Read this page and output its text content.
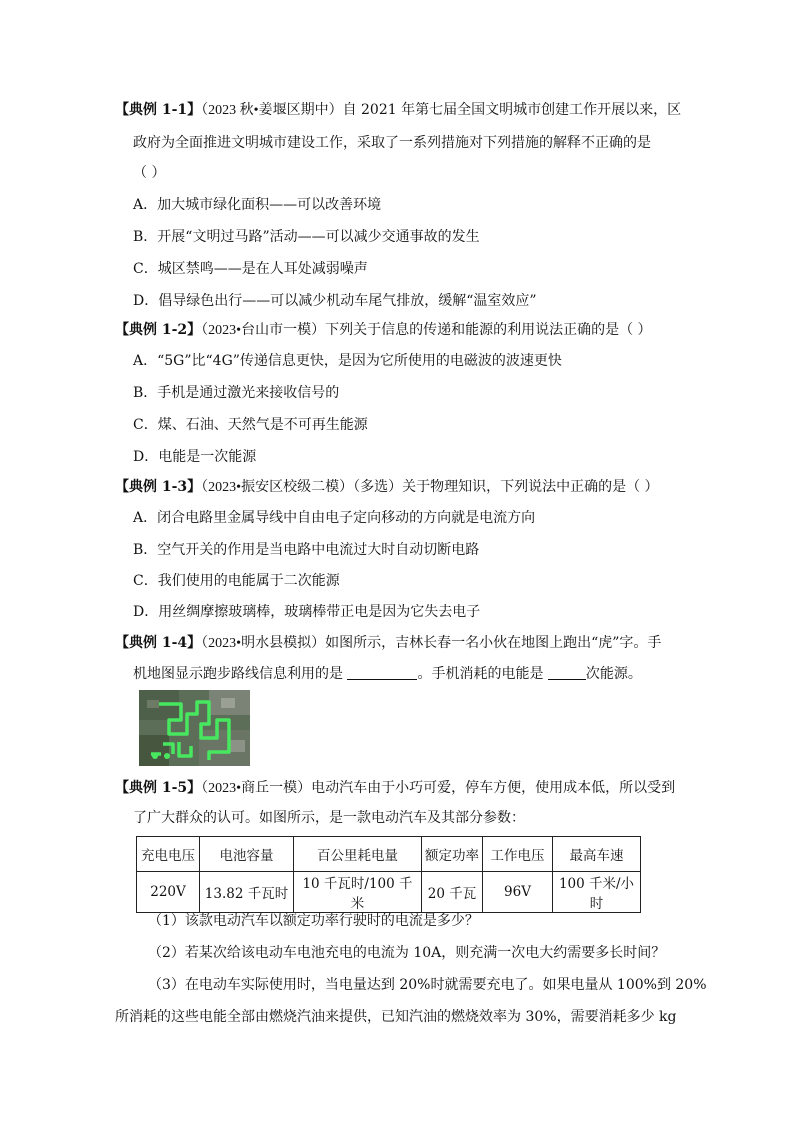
【典例 1-1】（2023 秋•姜堰区期中）自 2021 年第七届全国文明城市创建工作开展以来，区
政府为全面推进文明城市建设工作，采取了一系列措施对下列措施的解释不正确的是
（ ）
A．加大城市绿化面积——可以改善环境
B．开展“文明过马路”活动——可以减少交通事故的发生
C．城区禁鸣——是在人耳处减弱噪声
D．倡导绿色出行——可以减少机动车尾气排放，缓解“温室效应”
【典例 1-2】（2023•台山市一模）下列关于信息的传递和能源的利用说法正确的是（ ）
A．“5G”比“4G”传递信息更快，是因为它所使用的电磁波的波速更快
B．手机是通过激光来接收信号的
C．煤、石油、天然气是不可再生能源
D．电能是一次能源
【典例 1-3】（2023•振安区校级二模）（多选）关于物理知识，下列说法中正确的是（ ）
A．闭合电路里金属导线中自由电子定向移动的方向就是电流方向
B．空气开关的作用是当电路中电流过大时自动切断电路
C．我们使用的电能属于二次能源
D．用丝绸摩擦玻璃棒，玻璃棒带正电是因为它失去电子
【典例 1-4】（2023•明水县模拟）如图所示，吉林长春一名小伙在地图上跑出“虎”字。手
机地图显示跑步路线信息利用的是	。手机消耗的电能是	次能源。
【典例 1-5】（2023•商丘一模）电动汽车由于小巧可爱，停车方便，使用成本低，所以受到
了广大群众的认可。如图所示，是一款电动汽车及其部分参数：
充电电压	电池容量	百公里耗电量	额定功率	工作电压	最高车速
220V	13.82 千瓦时	10 千瓦时/100 千米	20 千瓦	96V	100 千米/小时
（1）该款电动汽车以额定功率行驶时的电流是多少？
（2）若某次给该电动车电池充电的电流为 10A，则充满一次电大约需要多长时间？
（3）在电动车实际使用时，当电量达到 20%时就需要充电了。如果电量从 100%到 20%
所消耗的这些电能全部由燃烧汽油来提供，已知汽油的燃烧效率为 30%，需要消耗多少 kg
